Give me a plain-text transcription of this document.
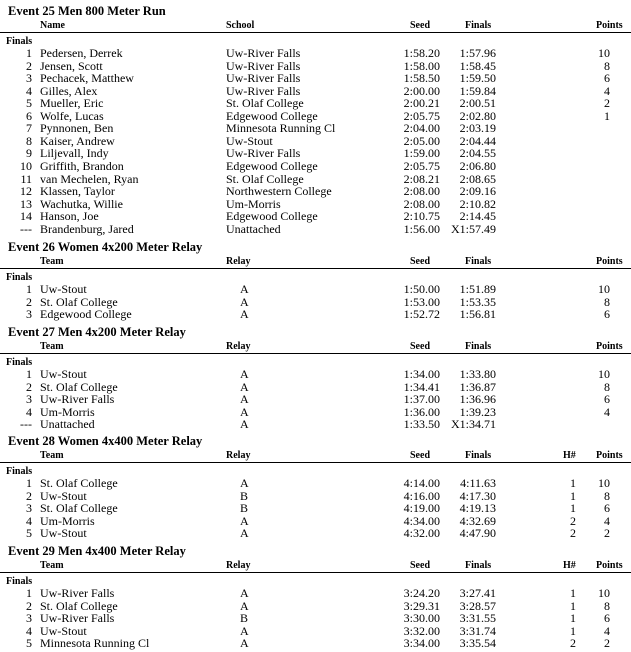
Event 25 Men 800 Meter Run
Name	School	Seed	Finals	Points
Finals
1 Pedersen, Derrek	Uw-River Falls	1:58.20	1:57.96	10
2 Jensen, Scott	Uw-River Falls	1:58.00	1:58.45	8
3 Pechacek, Matthew	Uw-River Falls	1:58.50	1:59.50	6
4 Gilles, Alex	Uw-River Falls	2:00.00	1:59.84	4
5 Mueller, Eric	St. Olaf College	2:00.21	2:00.51	2
6 Wolfe, Lucas	Edgewood College	2:05.75	2:02.80	1
7 Pynnonen, Ben	Minnesota Running Cl	2:04.00	2:03.19
8 Kaiser, Andrew	Uw-Stout	2:05.00	2:04.44
9 Liljevall, Indy	Uw-River Falls	1:59.00	2:04.55
10 Griffith, Brandon	Edgewood College	2:05.75	2:06.80
11 van Mechelen, Ryan	St. Olaf College	2:08.21	2:08.65
12 Klassen, Taylor	Northwestern College	2:08.00	2:09.16
13 Wachutka, Willie	Um-Morris	2:08.00	2:10.82
14 Hanson, Joe	Edgewood College	2:10.75	2:14.45
--- Brandenburg, Jared	Unattached	1:56.00 X1:57.49
Event 26 Women 4x200 Meter Relay
Team	Relay	Seed	Finals	Points
Finals
1 Uw-Stout	A	1:50.00	1:51.89	10
2 St. Olaf College	A	1:53.00	1:53.35	8
3 Edgewood College	A	1:52.72	1:56.81	6
Event 27 Men 4x200 Meter Relay
Team	Relay	Seed	Finals	Points
Finals
1 Uw-Stout	A	1:34.00	1:33.80	10
2 St. Olaf College	A	1:34.41	1:36.87	8
3 Uw-River Falls	A	1:37.00	1:36.96	6
4 Um-Morris	A	1:36.00	1:39.23	4
--- Unattached	A	1:33.50 X1:34.71
Event 28 Women 4x400 Meter Relay
Team	Relay	Seed	Finals	H# Points
Finals
1 St. Olaf College	A	4:14.00	4:11.63	1	10
2 Uw-Stout	B	4:16.00	4:17.30	1	8
3 St. Olaf College	B	4:19.00	4:19.13	1	6
4 Um-Morris	A	4:34.00	4:32.69	2	4
5 Uw-Stout	A	4:32.00	4:47.90	2	2
Event 29 Men 4x400 Meter Relay
Team	Relay	Seed	Finals	H# Points
Finals
1 Uw-River Falls	A	3:24.20	3:27.41	1	10
2 St. Olaf College	A	3:29.31	3:28.57	1	8
3 Uw-River Falls	B	3:30.00	3:31.55	1	6
4 Uw-Stout	A	3:32.00	3:31.74	1	4
5 Minnesota Running Cl	A	3:34.00	3:35.54	2	2
